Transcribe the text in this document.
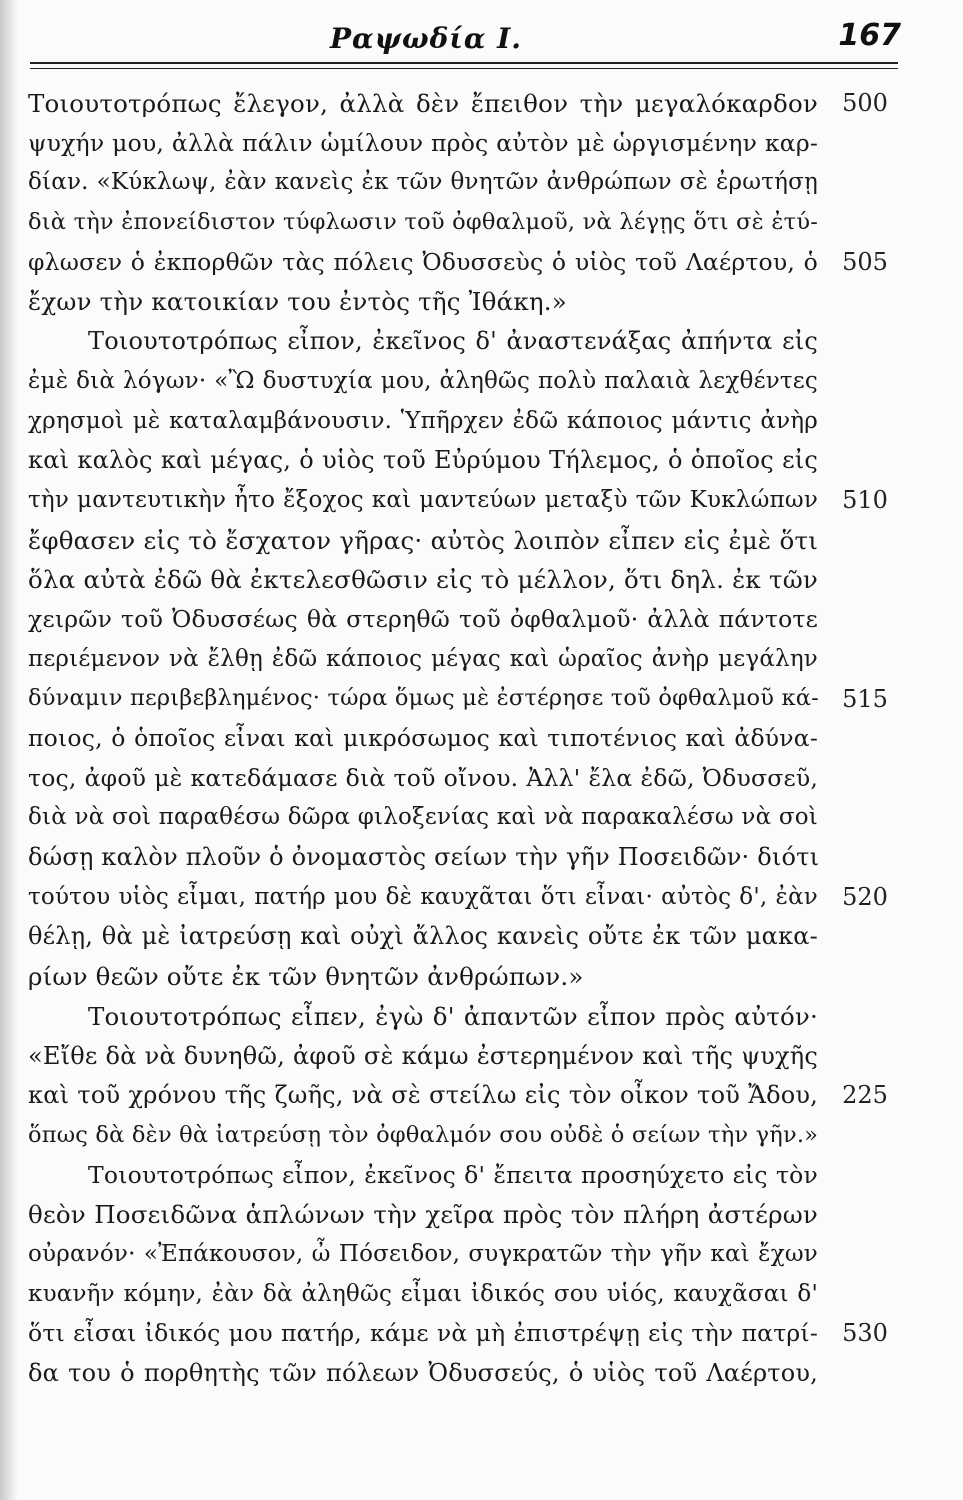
Ραψωδία Ι.	167
Τοιουτοτρόπως ἔλεγον, ἀλλὰ δὲν ἔπειθον τὴν μεγαλόκαρδον
ψυχήν μου, ἀλλὰ πάλιν ὡμίλουν πρὸς αὐτὸν μὲ ὡργισμένην καρ-
δίαν. «Κύκλωψ, ἐὰν κανεὶς ἐκ τῶν θνητῶν ἀνθρώπων σὲ ἐρωτήσῃ
διὰ τὴν ἐπονείδιστον τύφλωσιν τοῦ ὀφθαλμοῦ, νὰ λέγῃς ὅτι σὲ ἐτύ-
φλωσεν ὁ ἐκπορθῶν τὰς πόλεις Ὀδυσσεὺς ὁ υἱὸς τοῦ Λαέρτου, ὁ
ἔχων τὴν κατοικίαν του ἐντὸς τῆς Ἰθάκη.»
Τοιουτοτρόπως εἶπον, ἐκεῖνος δ' ἀναστενάξας ἀπήντα εἰς
ἐμὲ διὰ λόγων· «Ὢ δυστυχία μου, ἀληθῶς πολὺ παλαιὰ λεχθέντες
χρησμοὶ μὲ καταλαμβάνουσιν. Ὑπῆρχεν ἐδῶ κάποιος μάντις ἀνὴρ
καὶ καλὸς καὶ μέγας, ὁ υἱὸς τοῦ Εὐρύμου Τήλεμος, ὁ ὁποῖος εἰς
τὴν μαντευτικὴν ἦτο ἔξοχος καὶ μαντεύων μεταξὺ τῶν Κυκλώπων
ἔφθασεν εἰς τὸ ἔσχατον γῆρας· αὐτὸς λοιπὸν εἶπεν εἰς ἐμὲ ὅτι
ὅλα αὐτὰ ἐδῶ θὰ ἐκτελεσθῶσιν εἰς τὸ μέλλον, ὅτι δηλ. ἐκ τῶν
χειρῶν τοῦ Ὀδυσσέως θὰ στερηθῶ τοῦ ὀφθαλμοῦ· ἀλλὰ πάντοτε
περιέμενον νὰ ἔλθῃ ἐδῶ κάποιος μέγας καὶ ὡραῖος ἀνὴρ μεγάλην
δύναμιν περιβεβλημένος· τώρα ὅμως μὲ ἐστέρησε τοῦ ὀφθαλμοῦ κά-
ποιος, ὁ ὁποῖος εἶναι καὶ μικρόσωμος καὶ τιποτένιος καὶ ἀδύνα-
τος, ἀφοῦ μὲ κατεδάμασε διὰ τοῦ οἴνου. Ἀλλ' ἔλα ἐδῶ, Ὀδυσσεῦ,
διὰ νὰ σοὶ παραθέσω δῶρα φιλοξενίας καὶ νὰ παρακαλέσω νὰ σοὶ
δώσῃ καλὸν πλοῦν ὁ ὀνομαστὸς σείων τὴν γῆν Ποσειδῶν· διότι
τούτου υἱὸς εἶμαι, πατήρ μου δὲ καυχᾶται ὅτι εἶναι· αὐτὸς δ', ἐὰν
θέλῃ, θὰ μὲ ἰατρεύσῃ καὶ οὐχὶ ἄλλος κανεὶς οὔτε ἐκ τῶν μακα-
ρίων θεῶν οὔτε ἐκ τῶν θνητῶν ἀνθρώπων.»
Τοιουτοτρόπως εἶπεν, ἐγὼ δ' ἀπαντῶν εἶπον πρὸς αὐτόν·
«Εἴθε δὰ νὰ δυνηθῶ, ἀφοῦ σὲ κάμω ἐστερημένον καὶ τῆς ψυχῆς
καὶ τοῦ χρόνου τῆς ζωῆς, νὰ σὲ στείλω εἰς τὸν οἶκον τοῦ Ἄδου,
ὅπως δὰ δὲν θὰ ἰατρεύσῃ τὸν ὀφθαλμόν σου οὐδὲ ὁ σείων τὴν γῆν.»
Τοιουτοτρόπως εἶπον, ἐκεῖνος δ' ἔπειτα προσηύχετο εἰς τὸν
θεὸν Ποσειδῶνα ἁπλώνων τὴν χεῖρα πρὸς τὸν πλήρη ἀστέρων
οὐρανόν· «Ἐπάκουσον, ὦ Πόσειδον, συγκρατῶν τὴν γῆν καὶ ἔχων
κυανῆν κόμην, ἐὰν δὰ ἀληθῶς εἶμαι ἰδικός σου υἱός, καυχᾶσαι δ'
ὅτι εἶσαι ἰδικός μου πατήρ, κάμε νὰ μὴ ἐπιστρέψῃ εἰς τὴν πατρί-
δα του ὁ πορθητὴς τῶν πόλεων Ὀδυσσεύς, ὁ υἱὸς τοῦ Λαέρτου,
500
505
510
515
520
225
530
